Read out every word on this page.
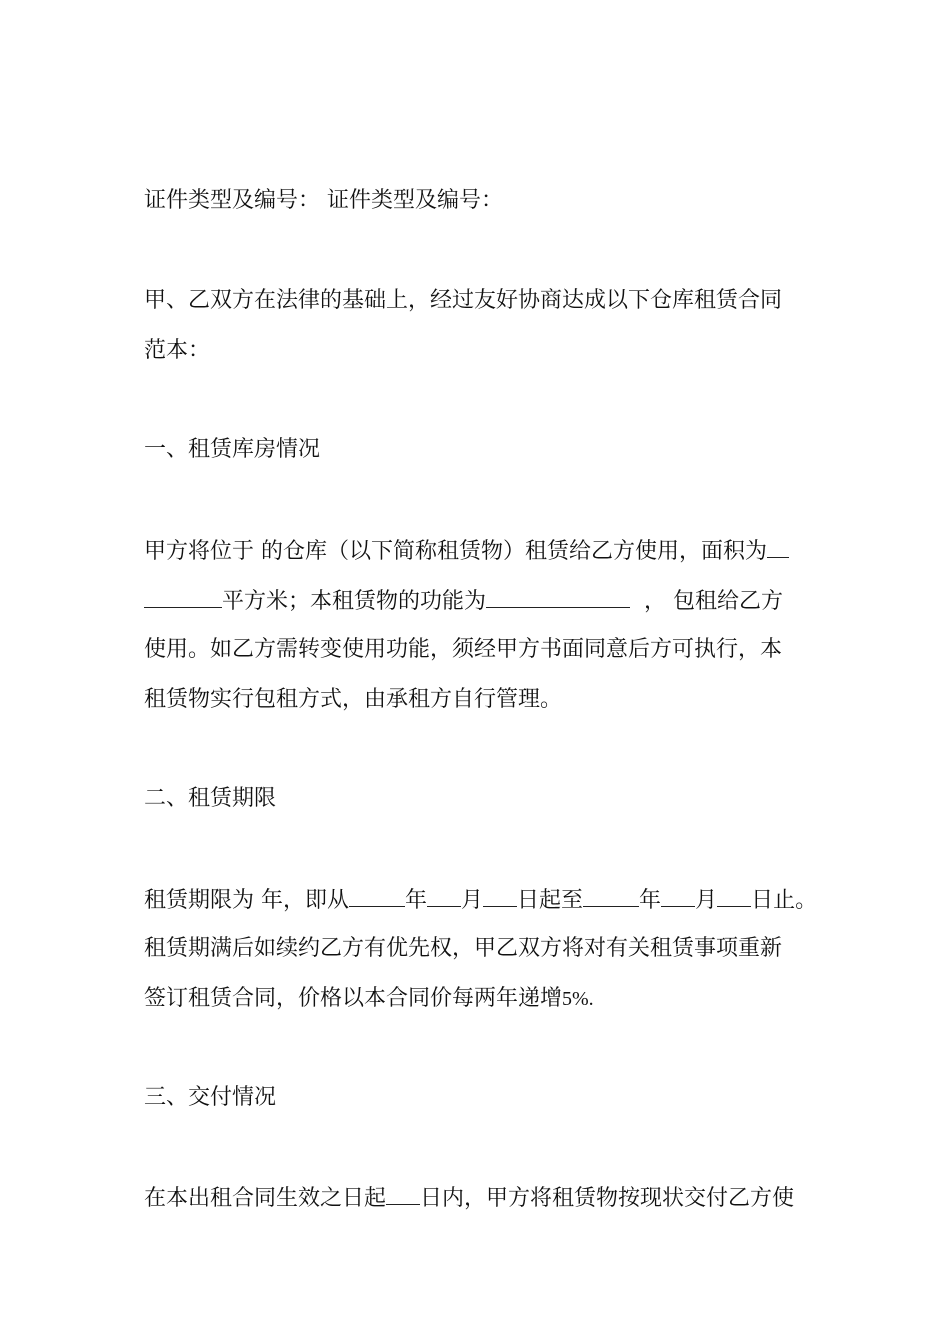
证件类型及编号： 证件类型及编号：
甲、乙双方在法律的基础上，经过友好协商达成以下仓库租赁合同
范本：
一、租赁库房情况
甲方将位于 的仓库（以下简称租赁物）租赁给乙方使用，面积为
平方米；本租赁物的功能为	， 包租给乙方
使用。如乙方需转变使用功能，须经甲方书面同意后方可执行，本
租赁物实行包租方式，由承租方自行管理。
二、租赁期限
租赁期限为 年，即从	年 月 日起至	年 月 日止。
租赁期满后如续约乙方有优先权，甲乙双方将对有关租赁事项重新
签订租赁合同，价格以本合同价每两年递增5%.
三、交付情况
在本出租合同生效之日起 日内，甲方将租赁物按现状交付乙方使
